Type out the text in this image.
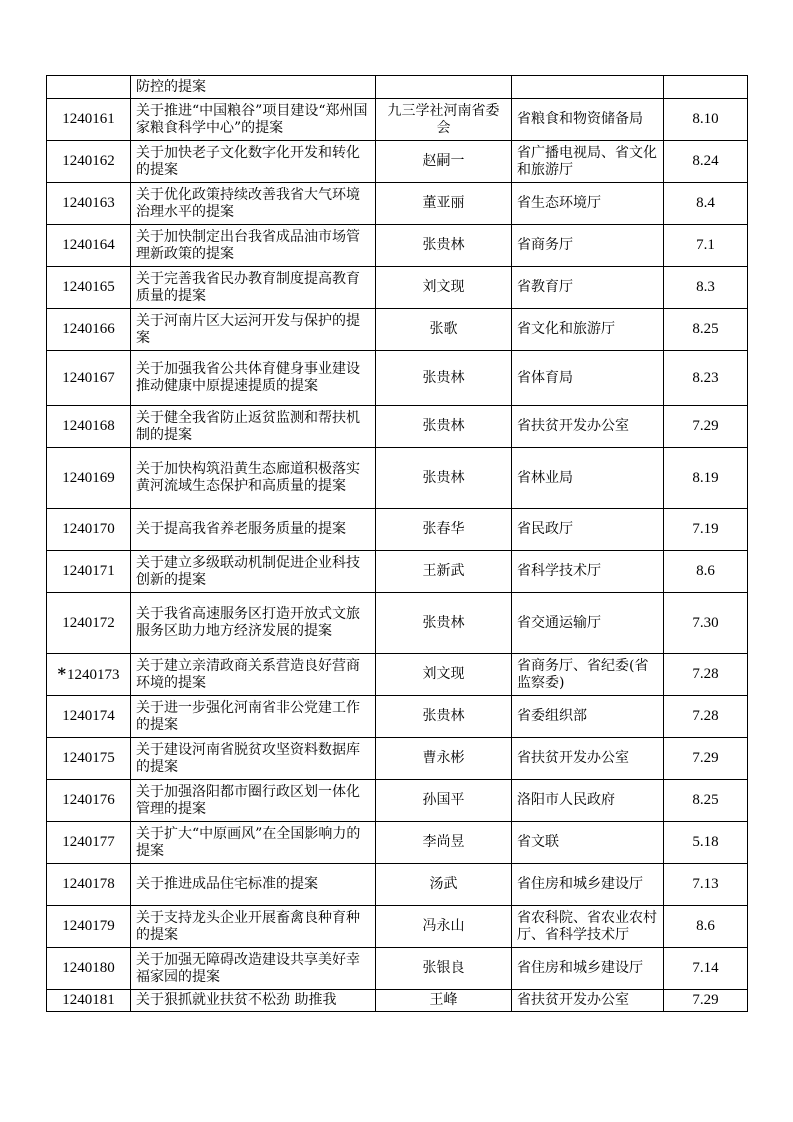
	防控的提案			
1240161	关于推进“中国粮谷”项目建设“郑州国家粮食科学中心”的提案	九三学社河南省委会	省粮食和物资储备局	8.10
1240162	关于加快老子文化数字化开发和转化的提案	赵嗣一	省广播电视局、省文化和旅游厅	8.24
1240163	关于优化政策持续改善我省大气环境治理水平的提案	董亚丽	省生态环境厅	8.4
1240164	关于加快制定出台我省成品油市场管理新政策的提案	张贵林	省商务厅	7.1
1240165	关于完善我省民办教育制度提高教育质量的提案	刘文现	省教育厅	8.3
1240166	关于河南片区大运河开发与保护的提案	张歌	省文化和旅游厅	8.25
1240167	关于加强我省公共体育健身事业建设推动健康中原提速提质的提案	张贵林	省体育局	8.23
1240168	关于健全我省防止返贫监测和帮扶机制的提案	张贵林	省扶贫开发办公室	7.29
1240169	关于加快构筑沿黄生态廊道积极落实黄河流域生态保护和高质量的提案	张贵林	省林业局	8.19
1240170	关于提高我省养老服务质量的提案	张春华	省民政厅	7.19
1240171	关于建立多级联动机制促进企业科技创新的提案	王新武	省科学技术厅	8.6
1240172	关于我省高速服务区打造开放式文旅服务区助力地方经济发展的提案	张贵林	省交通运输厅	7.30
*1240173	关于建立亲清政商关系营造良好营商环境的提案	刘文现	省商务厅、省纪委(省监察委)	7.28
1240174	关于进一步强化河南省非公党建工作的提案	张贵林	省委组织部	7.28
1240175	关于建设河南省脱贫攻坚资料数据库的提案	曹永彬	省扶贫开发办公室	7.29
1240176	关于加强洛阳都市圈行政区划一体化管理的提案	孙国平	洛阳市人民政府	8.25
1240177	关于扩大“中原画风”在全国影响力的提案	李尚昱	省文联	5.18
1240178	关于推进成品住宅标准的提案	汤武	省住房和城乡建设厅	7.13
1240179	关于支持龙头企业开展畜禽良种育种的提案	冯永山	省农科院、省农业农村厅、省科学技术厅	8.6
1240180	关于加强无障碍改造建设共享美好幸福家园的提案	张银良	省住房和城乡建设厅	7.14
1240181	关于狠抓就业扶贫不松劲 助推我	王峰	省扶贫开发办公室	7.29
